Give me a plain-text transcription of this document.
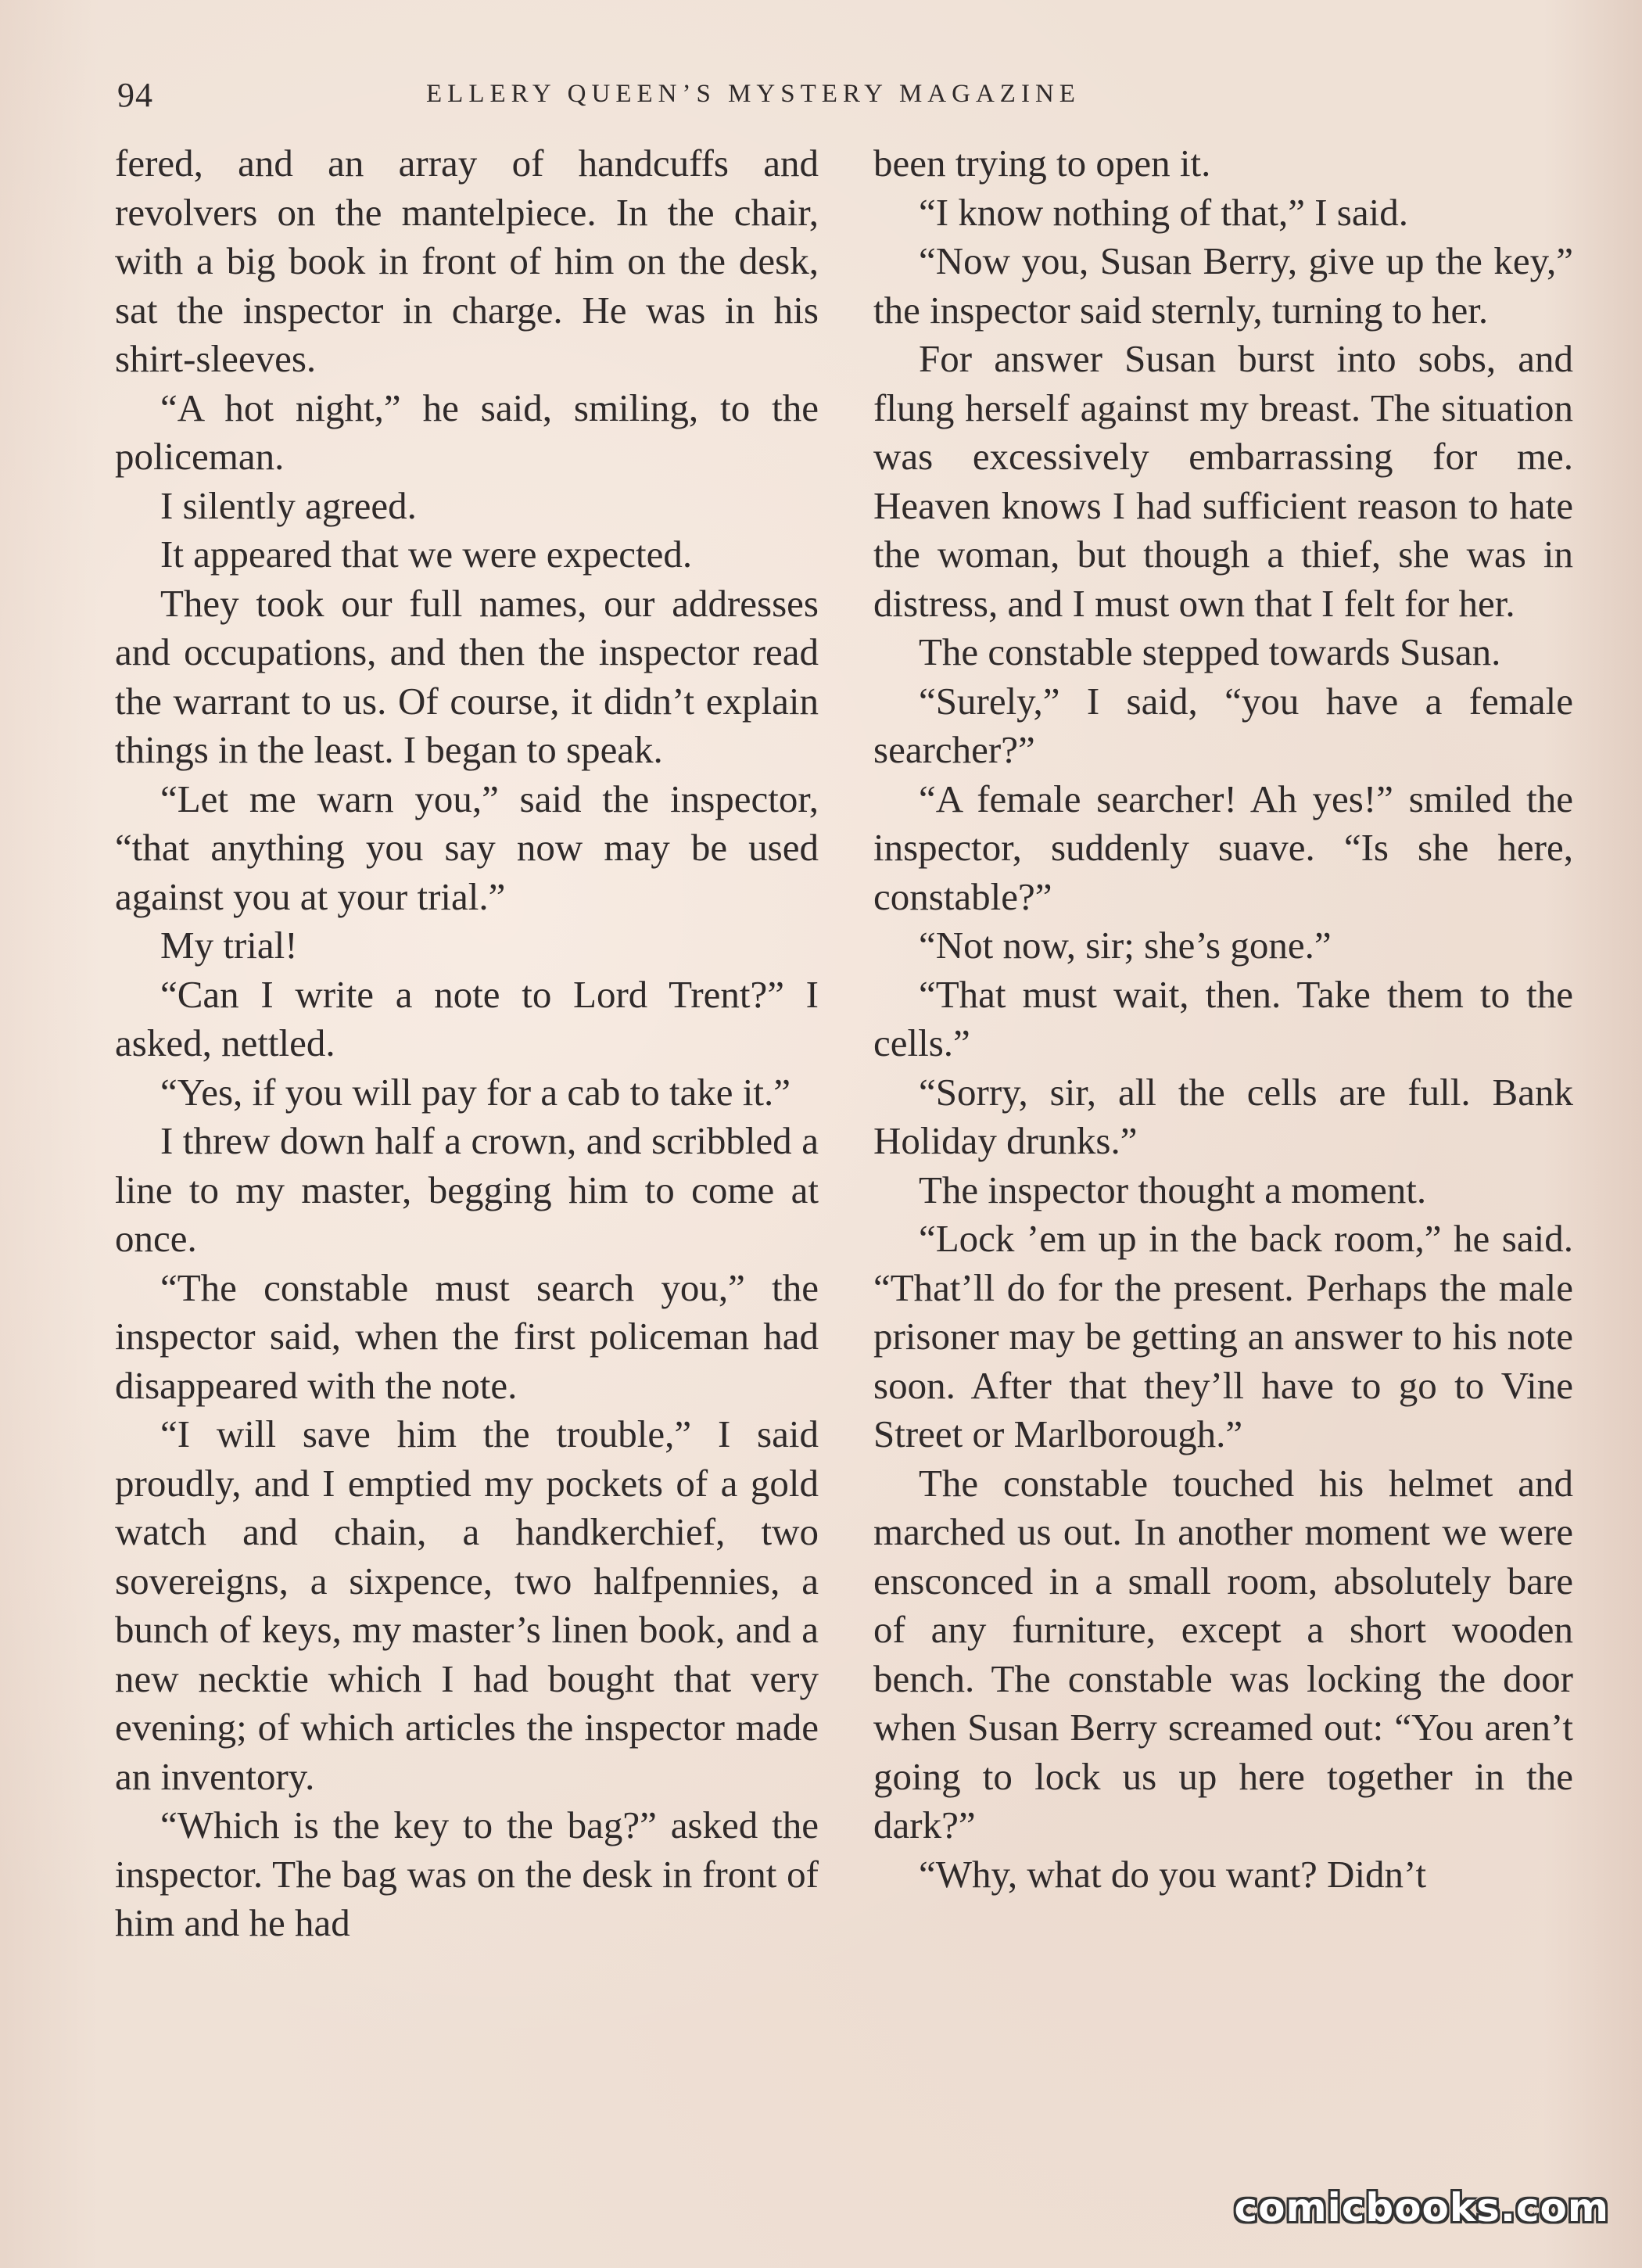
94	ELLERY QUEEN’S MYSTERY MAGAZINE

fered, and an array of handcuffs and revolvers on the mantelpiece. In the chair, with a big book in front of him on the desk, sat the inspector in charge. He was in his shirt-sleeves.

“A hot night,” he said, smiling, to the policeman.

I silently agreed.

It appeared that we were expected.

They took our full names, our addresses and occupations, and then the inspector read the warrant to us. Of course, it didn’t explain things in the least. I began to speak.

“Let me warn you,” said the inspector, “that anything you say now may be used against you at your trial.”

My trial!

“Can I write a note to Lord Trent?” I asked, nettled.

“Yes, if you will pay for a cab to take it.”

I threw down half a crown, and scribbled a line to my master, begging him to come at once.

“The constable must search you,” the inspector said, when the first policeman had disappeared with the note.

“I will save him the trouble,” I said proudly, and I emptied my pockets of a gold watch and chain, a handkerchief, two sovereigns, a sixpence, two halfpennies, a bunch of keys, my master’s linen book, and a new necktie which I had bought that very evening; of which articles the inspector made an inventory.

“Which is the key to the bag?” asked the inspector. The bag was on the desk in front of him and he had

been trying to open it.

“I know nothing of that,” I said.

“Now you, Susan Berry, give up the key,” the inspector said sternly, turning to her.

For answer Susan burst into sobs, and flung herself against my breast. The situation was excessively embarrassing for me. Heaven knows I had sufficient reason to hate the woman, but though a thief, she was in distress, and I must own that I felt for her.

The constable stepped towards Susan.

“Surely,” I said, “you have a female searcher?”

“A female searcher! Ah yes!” smiled the inspector, suddenly suave. “Is she here, constable?”

“Not now, sir; she’s gone.”

“That must wait, then. Take them to the cells.”

“Sorry, sir, all the cells are full. Bank Holiday drunks.”

The inspector thought a moment.

“Lock ’em up in the back room,” he said. “That’ll do for the present. Perhaps the male prisoner may be getting an answer to his note soon. After that they’ll have to go to Vine Street or Marlborough.”

The constable touched his helmet and marched us out. In another moment we were ensconced in a small room, absolutely bare of any furniture, except a short wooden bench. The constable was locking the door when Susan Berry screamed out: “You aren’t going to lock us up here together in the dark?”

“Why, what do you want? Didn’t

comicbooks.com
